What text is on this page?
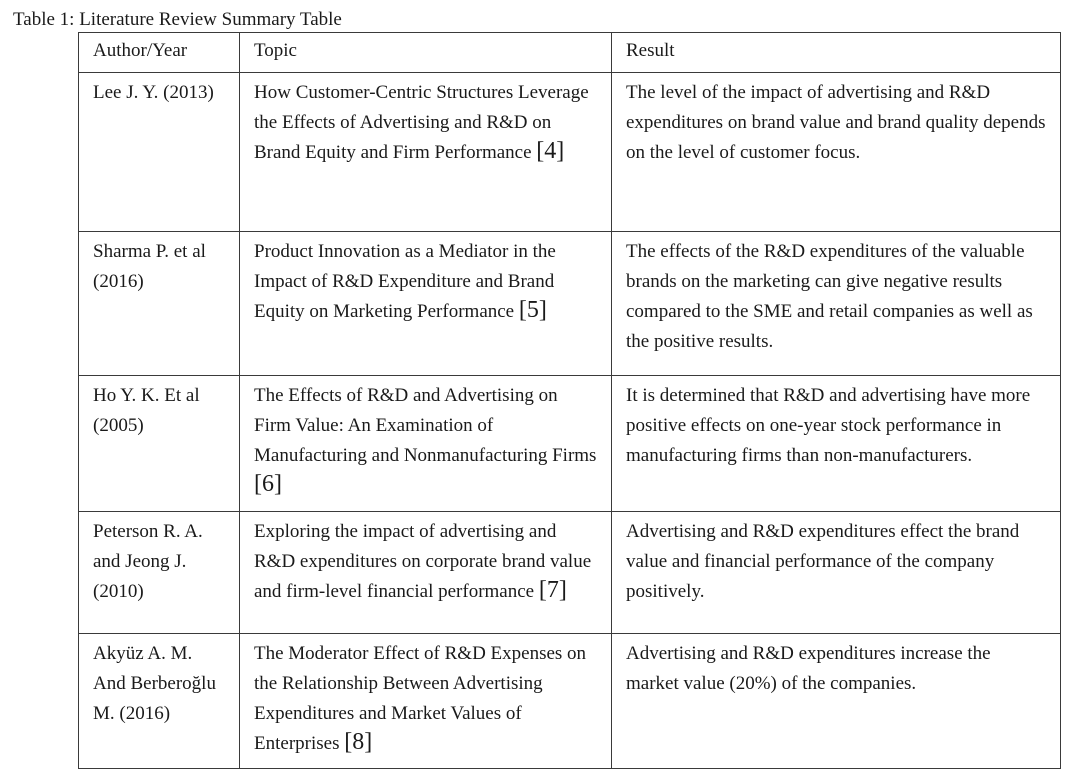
Table 1: Literature Review Summary Table
Author/Year	Topic	Result
Lee J. Y. (2013)	How Customer-Centric Structures Leverage the Effects of Advertising and R&D on Brand Equity and Firm Performance [4]	The level of the impact of advertising and R&D expenditures on brand value and brand quality depends on the level of customer focus.
Sharma P. et al (2016)	Product Innovation as a Mediator in the Impact of R&D Expenditure and Brand Equity on Marketing Performance [5]	The effects of the R&D expenditures of the valuable brands on the marketing can give negative results compared to the SME and retail companies as well as the positive results.
Ho Y. K. Et al (2005)	The Effects of R&D and Advertising on Firm Value: An Examination of Manufacturing and Nonmanufacturing Firms [6]	It is determined that R&D and advertising have more positive effects on one-year stock performance in manufacturing firms than non-manufacturers.
Peterson R. A. and Jeong J. (2010)	Exploring the impact of advertising and R&D expenditures on corporate brand value and firm-level financial performance [7]	Advertising and R&D expenditures effect the brand value and financial performance of the company positively.
Akyüz A. M. And Berberoğlu M. (2016)	The Moderator Effect of R&D Expenses on the Relationship Between Advertising Expenditures and Market Values of Enterprises [8]	Advertising and R&D expenditures increase the market value (20%) of the companies.
